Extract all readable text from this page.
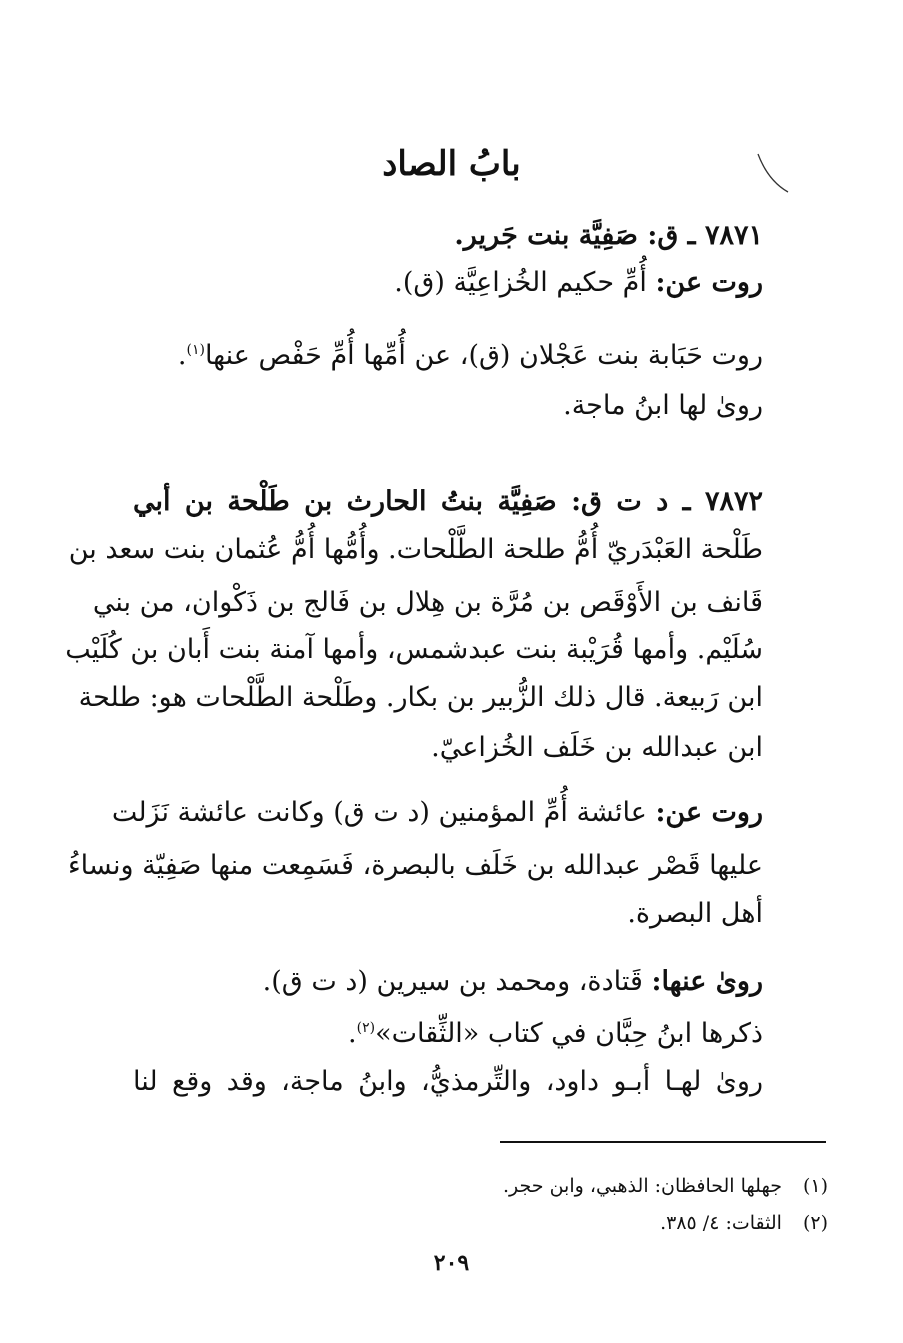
بابُ الصاد
٧٨٧١ ـ ق: صَفِيَّة بنت جَرير.
روت عن: أُمِّ حكيم الخُزاعِيَّة (ق).
روت حَبَابة بنت عَجْلان (ق)، عن أُمِّها أُمِّ حَفْص عنها$^{(١)}$.
روىٰ لها ابنُ ماجة.
٧٨٧٢ ـ د ت ق: صَفِيَّة بنتُ الحارث بن طَلْحة بن أبي
طَلْحة العَبْدَريّ أُمُّ طلحة الطَّلْحات. وأُمُّها أُمُّ عُثمان بنت سعد بن
قَانف بن الأَوْقَص بن مُرَّة بن هِلال بن فَالج بن ذَكْوان، من بني
سُلَيْم. وأمها قُرَيْبة بنت عبدشمس، وأمها آمنة بنت أَبان بن كُلَيْب
ابن رَبيعة. قال ذلك الزُّبير بن بكار. وطَلْحة الطَّلْحات هو: طلحة
ابن عبدالله بن خَلَف الخُزاعيّ.
روت عن: عائشة أُمِّ المؤمنين (د ت ق) وكانت عائشة نَزَلت
عليها قَصْر عبدالله بن خَلَف بالبصرة، فَسَمِعت منها صَفِيّة ونساءُ
أهل البصرة.
روىٰ عنها: قَتادة، ومحمد بن سيرين (د ت ق).
ذكرها ابنُ حِبَّان في كتاب «الثِّقات»$^{(٢)}$.
روىٰ لهـا أبـو داود، والتِّرمذيُّ، وابنُ ماجة، وقد وقع لنا
(١) جهلها الحافظان: الذهبي، وابن حجر.
(٢) الثقات: ٤/ ٣٨٥.
٢٠٩
